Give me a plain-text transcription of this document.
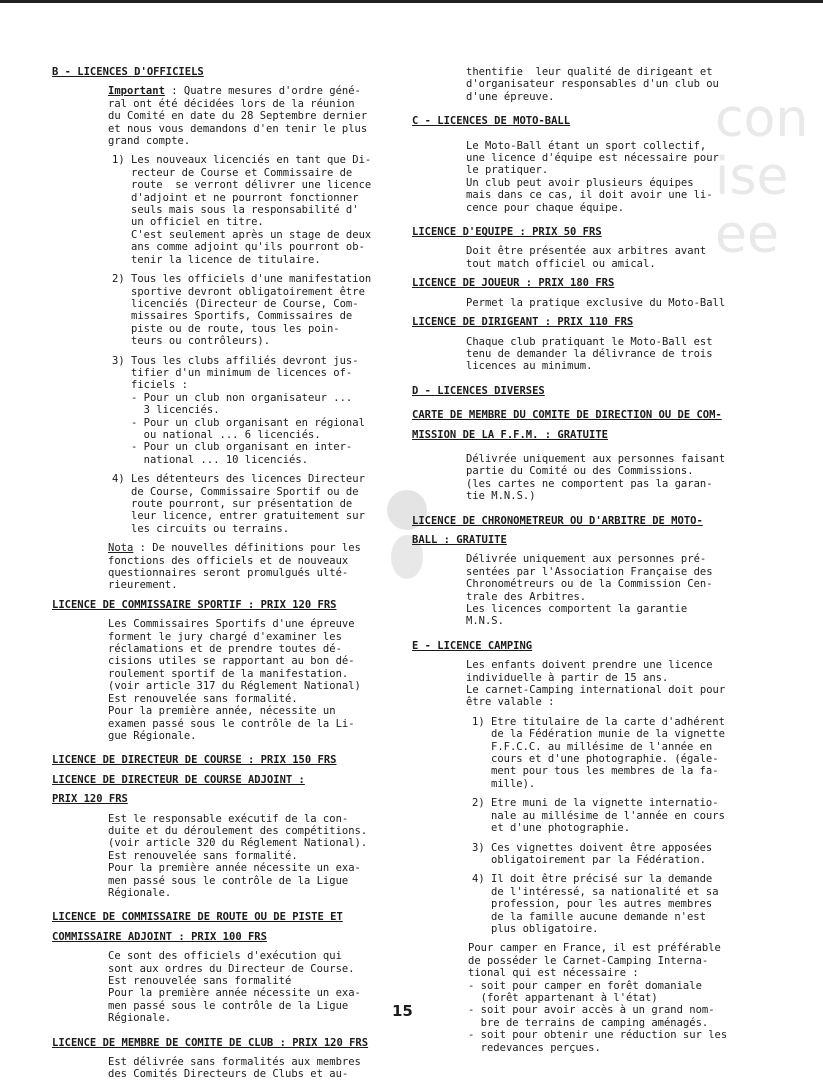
con
ise
ee

B - LICENCES D'OFFICIELS

Important : Quatre mesures d'ordre géné-
ral ont été décidées lors de la réunion
du Comité en date du 28 Septembre dernier
et nous vous demandons d'en tenir le plus
grand compte.

1) Les nouveaux licenciés en tant que Di-
recteur de Course et Commissaire de
route  se verront délivrer une licence
d'adjoint et ne pourront fonctionner
seuls mais sous la responsabilité d'
un officiel en titre.
C'est seulement après un stage de deux
ans comme adjoint qu'ils pourront ob-
tenir la licence de titulaire.
2) Tous les officiels d'une manifestation
sportive devront obligatoirement être
licenciés (Directeur de Course, Com-
missaires Sportifs, Commissaires de
piste ou de route, tous les poin-
teurs ou contrôleurs).
3) Tous les clubs affiliés devront jus-
tifier d'un minimum de licences of-
ficiels :
- Pour un club non organisateur ...
3 licenciés.
- Pour un club organisant en régional
ou national ... 6 licenciés.
- Pour un club organisant en inter-
national ... 10 licenciés.
4) Les détenteurs des licences Directeur
de Course, Commissaire Sportif ou de
route pourront, sur présentation de
leur licence, entrer gratuitement sur
les circuits ou terrains.

Nota : De nouvelles définitions pour les
fonctions des officiels et de nouveaux
questionnaires seront promulgués ulté-
rieurement.

LICENCE DE COMMISSAIRE SPORTIF : PRIX 120 FRS

Les Commissaires Sportifs d'une épreuve
forment le jury chargé d'examiner les
réclamations et de prendre toutes dé-
cisions utiles se rapportant au bon dé-
roulement sportif de la manifestation.
(voir article 317 du Réglement National)
Est renouvelée sans formalité.
Pour la première année, nécessite un
examen passé sous le contrôle de la Li-
gue Régionale.

LICENCE DE DIRECTEUR DE COURSE : PRIX 150 FRS

LICENCE DE DIRECTEUR DE COURSE ADJOINT :

PRIX 120 FRS

Est le responsable exécutif de la con-
duite et du déroulement des compétitions.
(voir article 320 du Réglement National).
Est renouvelée sans formalité.
Pour la première année nécessite un exa-
men passé sous le contrôle de la Ligue
Régionale.

LICENCE DE COMMISSAIRE DE ROUTE OU DE PISTE ET

COMMISSAIRE ADJOINT : PRIX 100 FRS

Ce sont des officiels d'exécution qui
sont aux ordres du Directeur de Course.
Est renouvelée sans formalité
Pour la première année nécessite un exa-
men passé sous le contrôle de la Ligue
Régionale.

LICENCE DE MEMBRE DE COMITE DE CLUB : PRIX 120 FRS

Est délivrée sans formalités aux membres
des Comités Directeurs de Clubs et au-

thentifie  leur qualité de dirigeant et
d'organisateur responsables d'un club ou
d'une épreuve.

C - LICENCES DE MOTO-BALL

Le Moto-Ball étant un sport collectif,
une licence d'équipe est nécessaire pour
le pratiquer.
Un club peut avoir plusieurs équipes
mais dans ce cas, il doit avoir une li-
cence pour chaque équipe.

LICENCE D'EQUIPE : PRIX 50 FRS

Doit être présentée aux arbitres avant
tout match officiel ou amical.

LICENCE DE JOUEUR : PRIX 180 FRS

Permet la pratique exclusive du Moto-Ball

LICENCE DE DIRIGEANT : PRIX 110 FRS

Chaque club pratiquant le Moto-Ball est
tenu de demander la délivrance de trois
licences au minimum.

D - LICENCES DIVERSES

CARTE DE MEMBRE DU COMITE DE DIRECTION OU DE COM-

MISSION DE LA F.F.M. : GRATUITE

Délivrée uniquement aux personnes faisant
partie du Comité ou des Commissions.
(les cartes ne comportent pas la garan-
tie M.N.S.)

LICENCE DE CHRONOMETREUR OU D'ARBITRE DE MOTO-

BALL : GRATUITE

Délivrée uniquement aux personnes pré-
sentées par l'Association Française des
Chronométreurs ou de la Commission Cen-
trale des Arbitres.
Les licences comportent la garantie
M.N.S.

E - LICENCE CAMPING

Les enfants doivent prendre une licence
individuelle à partir de 15 ans.
Le carnet-Camping international doit pour
être valable :

1) Etre titulaire de la carte d'adhérent
de la Fédération munie de la vignette
F.F.C.C. au millésime de l'année en
cours et d'une photographie. (égale-
ment pour tous les membres de la fa-
mille).
2) Etre muni de la vignette internatio-
nale au millésime de l'année en cours
et d'une photographie.
3) Ces vignettes doivent être apposées
obligatoirement par la Fédération.
4) Il doit être précisé sur la demande
de l'intéressé, sa nationalité et sa
profession, pour les autres membres
de la famille aucune demande n'est
plus obligatoire.

Pour camper en France, il est préférable
de posséder le Carnet-Camping Interna-
tional qui est nécessaire :
- soit pour camper en forêt domaniale
(forêt appartenant à l'état)
- soit pour avoir accès à un grand nom-
bre de terrains de camping aménagés.
- soit pour obtenir une réduction sur les
redevances perçues.

15
